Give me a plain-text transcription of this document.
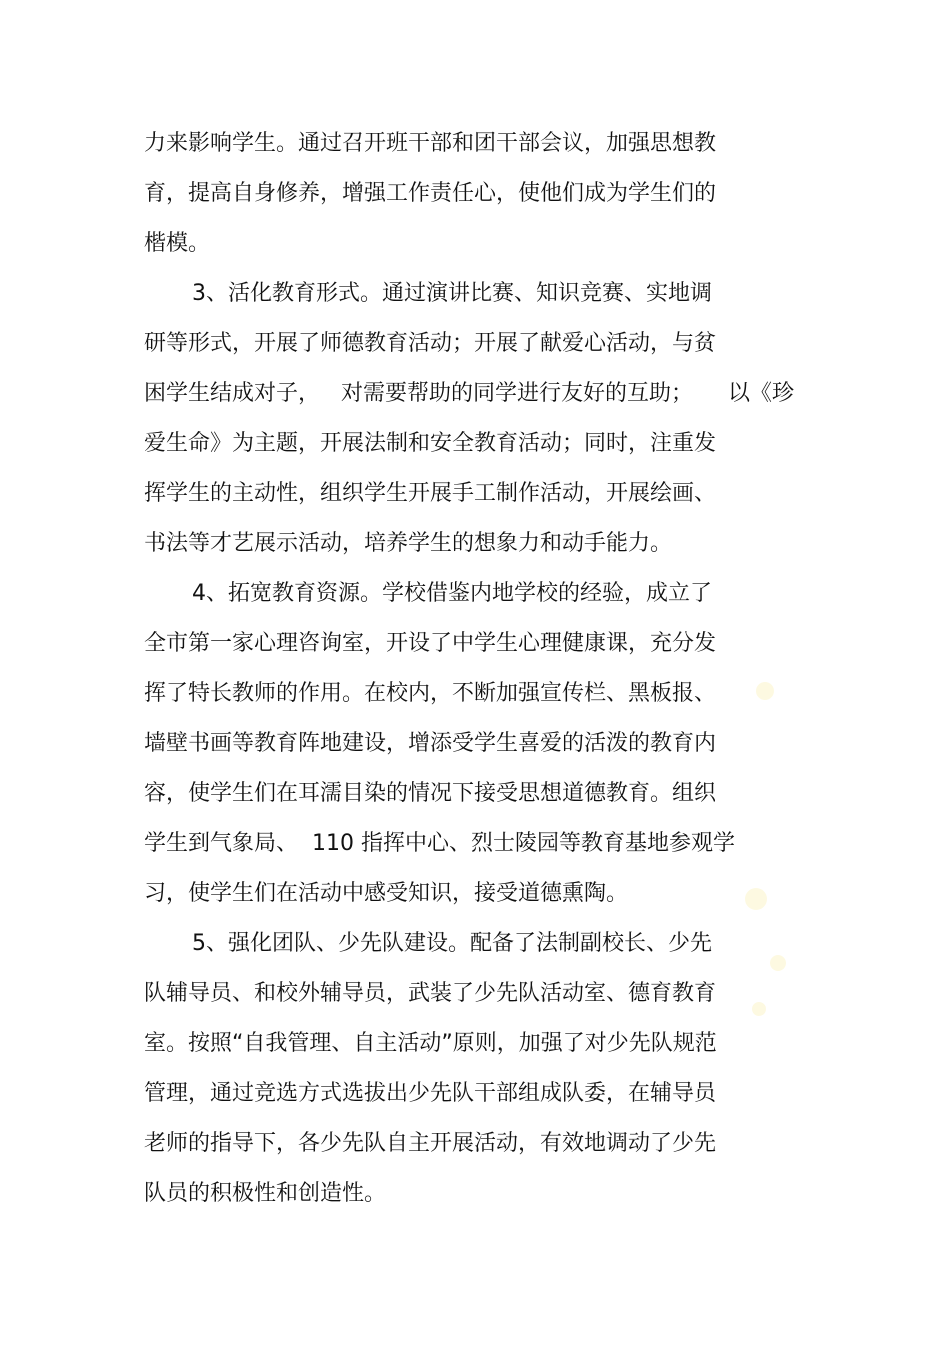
力来影响学生。通过召开班干部和团干部会议，加强思想教
育，提高自身修养，增强工作责任心，使他们成为学生们的
楷模。
3、活化教育形式。通过演讲比赛、知识竞赛、实地调
研等形式，开展了师德教育活动；开展了献爱心活动，与贫
困学生结成对子，   对需要帮助的同学进行友好的互助；     以《珍
爱生命》为主题，开展法制和安全教育活动；同时，注重发
挥学生的主动性，组织学生开展手工制作活动，开展绘画、
书法等才艺展示活动，培养学生的想象力和动手能力。
4、拓宽教育资源。学校借鉴内地学校的经验，成立了
全市第一家心理咨询室，开设了中学生心理健康课，充分发
挥了特长教师的作用。在校内，不断加强宣传栏、黑板报、
墙壁书画等教育阵地建设，增添受学生喜爱的活泼的教育内
容，使学生们在耳濡目染的情况下接受思想道德教育。组织
学生到气象局、  110 指挥中心、烈士陵园等教育基地参观学
习，使学生们在活动中感受知识，接受道德熏陶。
5、强化团队、少先队建设。配备了法制副校长、少先
队辅导员、和校外辅导员，武装了少先队活动室、德育教育
室。按照“自我管理、自主活动”原则，加强了对少先队规范
管理，通过竞选方式选拔出少先队干部组成队委，在辅导员
老师的指导下，各少先队自主开展活动，有效地调动了少先
队员的积极性和创造性。
